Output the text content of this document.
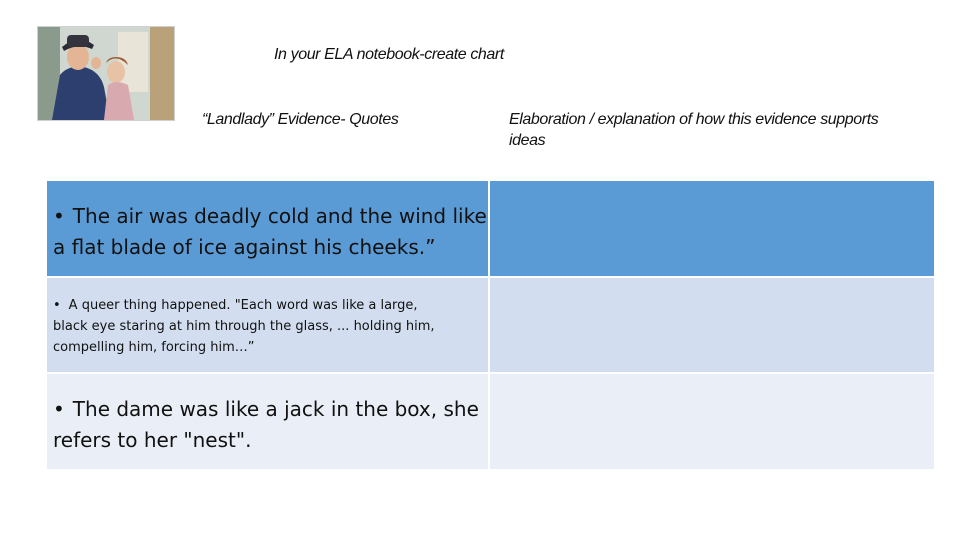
In your ELA notebook-create chart
“Landlady” Evidence- Quotes	Elaboration / explanation of how this evidence supports ideas
• The air was deadly cold and the wind like a flat blade of ice against his cheeks.”
• A queer thing happened. "Each word was like a large, black eye staring at him through the glass, ... holding him, compelling him, forcing him…”
• The dame was like a jack in the box, she refers to her "nest".
